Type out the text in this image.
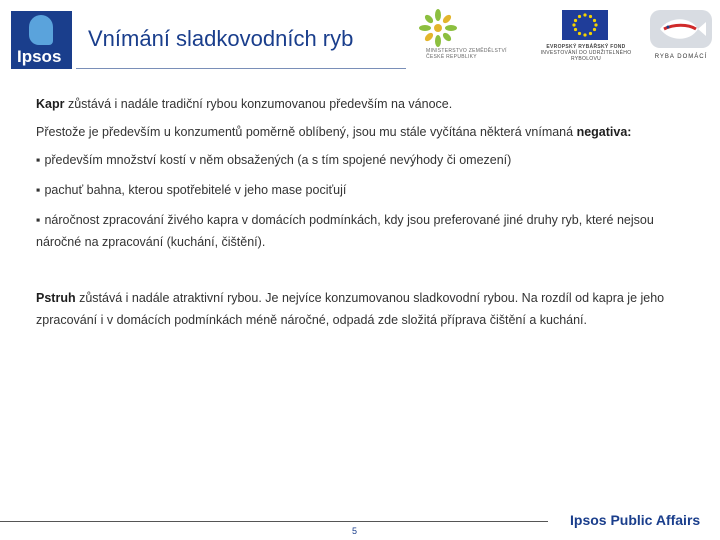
Ipsos
Vnímání sladkovodních ryb	MINISTERSTVO ZEMĚDĚLSTVÍ
ČESKÉ REPUBLIKY
EVROPSKÝ RYBÁŘSKÝ FOND
INVESTOVÁNÍ DO UDRŽITELNÉHO
RYBOLOVU	RYBA DOMÁCÍ

Kapr zůstává i nadále tradiční rybou konzumovanou především na vánoce.

Přestože je především u konzumentů poměrně oblíbený, jsou mu stále vyčítána některá vnímaná negativa:

▪ především množství kostí v něm obsažených (a s tím spojené nevýhody či omezení)

▪ pachuť bahna, kterou spotřebitelé v jeho mase pociťují

▪ náročnost zpracování živého kapra v domácích podmínkách, kdy jsou preferované jiné druhy ryb, které nejsou náročné na zpracování (kuchání, čištění).

Pstruh zůstává i nadále atraktivní rybou. Je nejvíce konzumovanou sladkovodní rybou. Na rozdíl od kapra je jeho zpracování i v domácích podmínkách méně náročné, odpadá zde složitá příprava čištění a kuchání.

5
Ipsos Public Affairs
